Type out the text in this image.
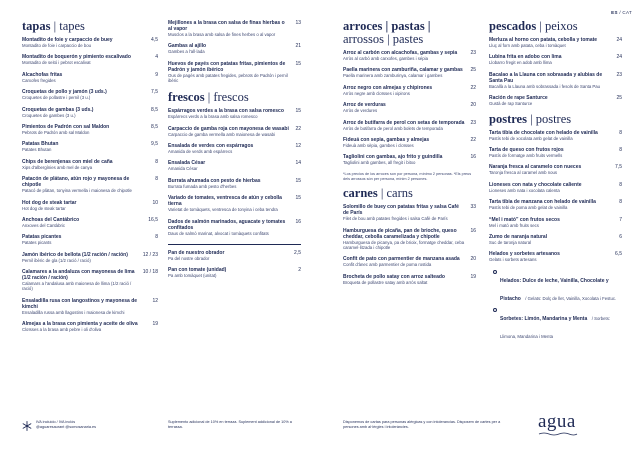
ES / CAT
tapas | tapes
Montadito de foie y carpaccio de buey
Montadito de foie i carpaccio de bou
4,5
Montadito de boquerón y pimiento escalivado
Montadito de seitó i pebrot escalivat
4
Alcachofas fritas
Carxofes fregides
9
Croquetas de pollo y jamón (3 uds.)
Croquetes de pollastre i pernil (3 u.)
7,5
Croquetas de gambas (3 uds.)
Croquetes de gambes (3 u.)
8,5
Pimientos de Padrón con sal Maldon
Pebrots de Padrón amb sal Maldon
8,5
Patatas Bhutan
Patates Bhutan
9,5
Chips de berenjenas con miel de caña
Xips d'albergínies amb mel de canya
8
Patacón de plátano, atún rojo y mayonesa de chipotle
Patacó de plàtan, tonyina vermella i maionesa de chipotle
8
Hot dog de steak tartar
Hot dog de steak tartar
10
Anchoas del Cantábrico
Anxoves del Cantàbric
16,5
Patatas picantes
Patates picants
8
Jamón ibérico de bellota (1/2 ración / ración)
Pernil ibèric de gla (1/2 ració / ració)
12 / 23
Calamares a la andaluza con mayonesa de lima (1/2 ración / ración)
Calamars a l'andalusa amb maionesa de llima (1/2 ració / ració)
10 / 18
Ensaladilla rusa con langostinos y mayonesa de kimchi
Ensaladilla russa amb llagostins i maionesa de kimchi
12
Almejas a la brasa con pimienta y aceite de oliva
Cloïsses a la brasa amb pebre i oli d'oliva
19
Mejillones a la brasa con salsa de finas hierbas o al vapor
Musclos a la brasa amb salsa de fines herbes o al vapor
13
Gambas al ajillo
Gambes a l'all·lada
21
Huevos de payés con patatas fritas, pimientos de Padrón y jamón ibérico
Ous de pagès amb patates fregides, pebrots de Padrón i pernil ibèric
15
frescos | frescos
Espárragos verdes a la brasa con salsa romesco
Espàrrecs verds a la brasa amb salsa romesco
15
Carpaccio de gamba roja con mayonesa de wasabi
Carpaccio de gamba vermella amb maionesa de wasabi
22
Ensalada de verdes con espárragos
Amanida de verds amb espàrrecs
12
Ensalada César
Amanida César
14
Burrata ahumada con pesto de hierbas
Burrata fumada amb pesto d'herbes
15
Variado de tomates, ventresca de atún y cebolla tierna
Varietat de tomàquets, ventresca de tonyina i ceba tendra
15
Dados de salmón marinados, aguacate y tomates confitados
Daus de salmó marinat, alvocat i tomàquets confitats
16
Pan de nuestro obrador
Pa del nostre obrador
2,5
Pan con tomate (unidad)
Pa amb tomàquet (unitat)
2
arroces | pastas |
arrossos | pastes
Arroz al carbón con alcachofas, gambas y sepia
Arròs al carbó amb carxofes, gambes i sépia
23
Paella marinera con zamburiña, calamar y gambas
Paella marinera amb zamburinya, calamar i gambes
25
Arroz negro con almejas y chipirones
Arròs negre amb cloïsses i xipirons
22
Arroz de verduras
Arròs de verdures
20
Arroz de butifarra de perol con setas de temporada
Arròs de botifarra de perol amb bolets de temporada
23
Fideuá con sepia, gambas y almejas
Fideuà amb sèpia, gambes i cloïsses
22
Tagliolini con gambas, ajo frito y guindilla
Tagliolini amb gambes, all fregit i bitxo
16
*Los precios de los arroces son por persona, mínimo 2 personas. *Els preus dels arrossos són per persona, mínim 2 persones.
carnes | carns
Solomillo de buey con patatas fritas y salsa Café de París
Filet de bou amb patates fregides i salsa Cafè de París
33
Hamburguesa de picaña, pan de brioche, queso cheddar, cebolla caramelizada y chipotle
Hamburguesa de picanya, pa de brioix, formatge cheddar, ceba caramel·litzada i chipotle
16
Confit de pato con parmentier de manzana asada
Confit d'ànec amb parmentier de poma rostida
20
Brocheta de pollo satay con arroz salteado
Broqueta de pollastre satay amb arròs saltat
19
pescados | peixos
Merluza al horno con patata, cebolla y tomate
Lluç al forn amb patata, ceba i tomàquet
24
Lubina frita en adobo con lima
Llobarro fregit en adob amb llima
24
Bacalao a la Llauna con sobrasada y alubias de Santa Pau
Bacallà a la Llauna amb sobrassada i fesols de Santa Pau
23
Ración de rape Santurce
Gustà de rap Santurce
25
postres | postres
Tarta tibia de chocolate con helado de vainilla
Pastís tebi de xocolata amb gelat de vainilla
8
Tarta de queso con frutos rojos
Pastís de formatge amb fruits vermells
8
Naranja fresca al caramelo con nueces
Taronja fresca al caramel amb nous
7,5
Lioneses con nata y chocolate caliente
Lioneses amb nata i xocolata calenta
8
Tarta tibia de manzana con helado de vainilla
Pastís tebi de poma amb gelat de vainilla
8
“Mel i mató” con frutos secos
Mel i mató amb fruits secs
7
Zumo de naranja natural
Suc de taronja natural
6
Helados y sorbetes artesanos
Gelats i sorbets artesans
6,5
Helados: Dulce de leche, Vainilla, Chocolate y Pistacho / Gelats: Dolç de llet, Vainilla, Xocolata i Festuc.
Sorbetes: Limón, Mandarina y Menta / Sorbets: Llimona, Mandarina i Menta
IVA incluido / IVA inclòs
@aguaresaurant @somosanaria.es
Suplemento adicional de 10% en terraza. Suplement addicional de 10% a terrassa.
Disponemos de cartas para personas alérgicas y con intolerancias. Disposem de cartes per a persones amb al·lèrgies i intoleràncies.	agua
